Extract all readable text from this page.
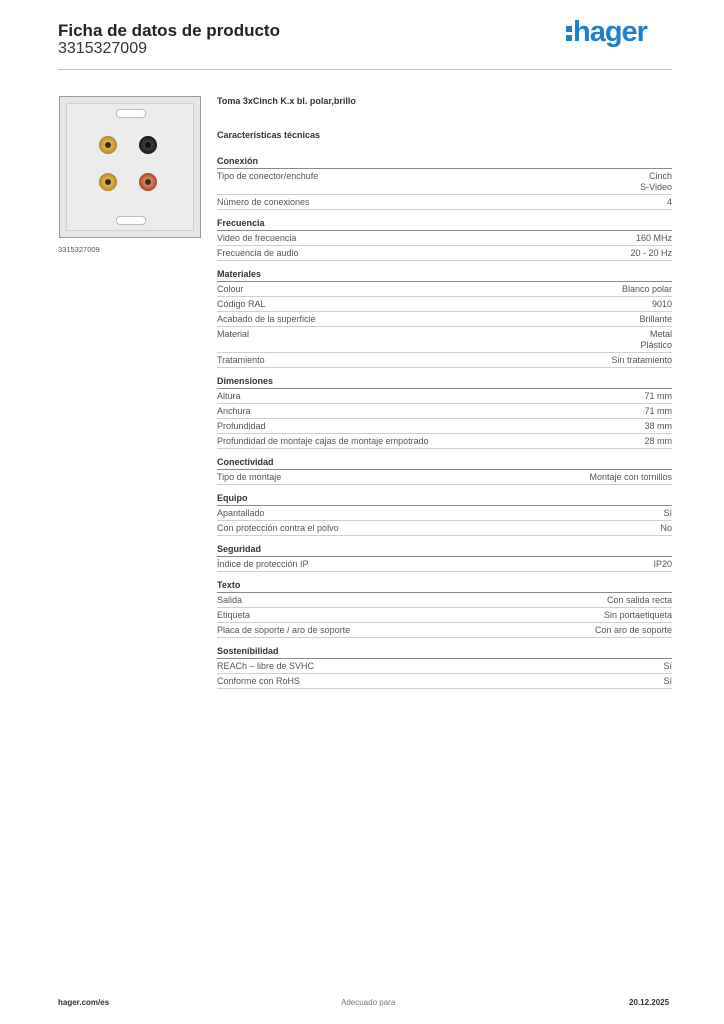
Ficha de datos de producto
3315327009
hager
3315327009
Toma 3xCinch K.x bl. polar,brillo
Características técnicas
Conexión
Tipo de conector/enchufe	Cinch
S-Video
Número de conexiones	4
Frecuencia
Video de frecuencia	160 MHz
Frecuencia de audio	20 - 20 Hz
Materiales
Colour	Blanco polar
Código RAL	9010
Acabado de la superficie	Brillante
Material	Metal
Plástico
Tratamiento	Sin tratamiento
Dimensiones
Altura	71 mm
Anchura	71 mm
Profundidad	38 mm
Profundidad de montaje cajas de montaje empotrado	28 mm
Conectividad
Tipo de montaje	Montaje con tornillos
Equipo
Apantallado	Sí
Con protección contra el polvo	No
Seguridad
Índice de protección IP	IP20
Texto
Salida	Con salida recta
Etiqueta	Sin portaetiqueta
Placa de soporte / aro de soporte	Con aro de soporte
Sostenibilidad
REACh – libre de SVHC	Sí
Conforme con RoHS	Sí
hager.com/es	Adecuado para	20.12.2025
